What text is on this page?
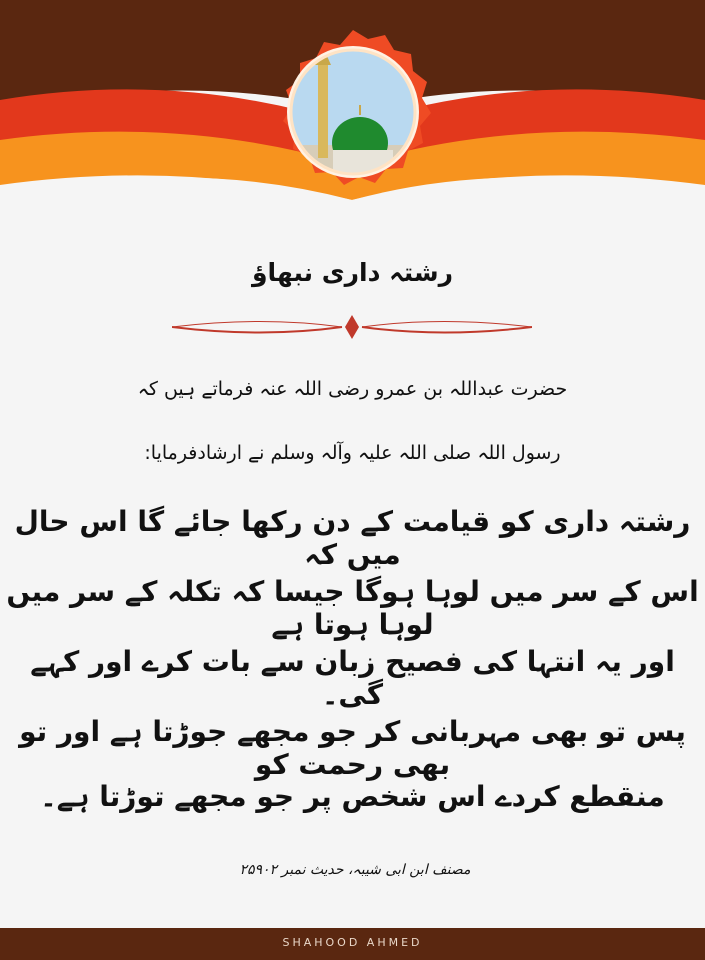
رشتہ داری نبھاؤ
حضرت عبداللہ بن عمرو رضی اللہ عنہ فرماتے ہیں کہ
رسول اللہ صلی اللہ علیہ وآلہ وسلم نے ارشادفرمایا:
رشتہ داری کو قیامت کے دن رکھا جائے گا اس حال میں کہ
اس کے سر میں لوہا ہوگا جیسا کہ تکلہ کے سر میں لوہا ہوتا ہے
اور یہ انتہا کی فصیح زبان سے بات کرے اور کہے گی۔
پس تو بھی مہربانی کر جو مجھے جوڑتا ہے اور تو بھی رحمت کو
منقطع کردے اس شخص پر جو مجھے توڑتا ہے۔
مصنف ابن ابی شیبہ، حدیث نمبر ۲۵۹۰۲
SHAHOOD AHMED
